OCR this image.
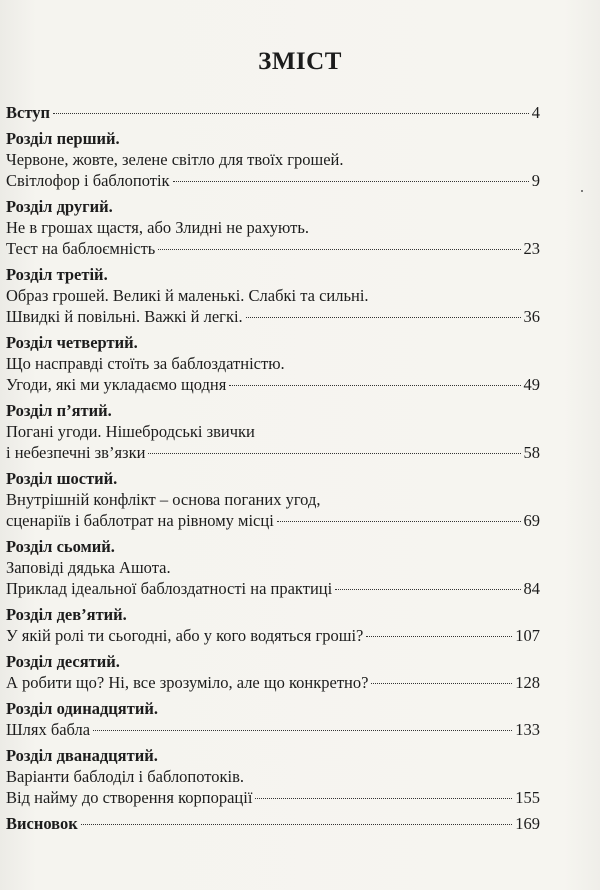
ЗМІСТ
Вступ	4
Розділ перший.
Червоне, жовте, зелене світло для твоїх грошей.
Світлофор і баблопотік	9
Розділ другий.
Не в грошах щастя, або Злидні не рахують.
Тест на баблоємність	23
Розділ третій.
Образ грошей. Великі й маленькі. Слабкі та сильні.
Швидкі й повільні. Важкі й легкі.	36
Розділ четвертий.
Що насправді стоїть за баблоздатністю.
Угоди, які ми укладаємо щодня	49
Розділ п’ятий.
Погані угоди. Нішебродські звички
і небезпечні зв’язки	58
Розділ шостий.
Внутрішній конфлікт – основа поганих угод,
сценаріїв і баблотрат на рівному місці	69
Розділ сьомий.
Заповіді дядька Ашота.
Приклад ідеальної баблоздатності на практиці	84
Розділ дев’ятий.
У якій ролі ти сьогодні, або у кого водяться гроші?	107
Розділ десятий.
А робити що? Ні, все зрозуміло, але що конкретно?	128
Розділ одинадцятий.
Шлях бабла	133
Розділ дванадцятий.
Варіанти баблоділ і баблопотоків.
Від найму до створення корпорації	155
Висновок	169
